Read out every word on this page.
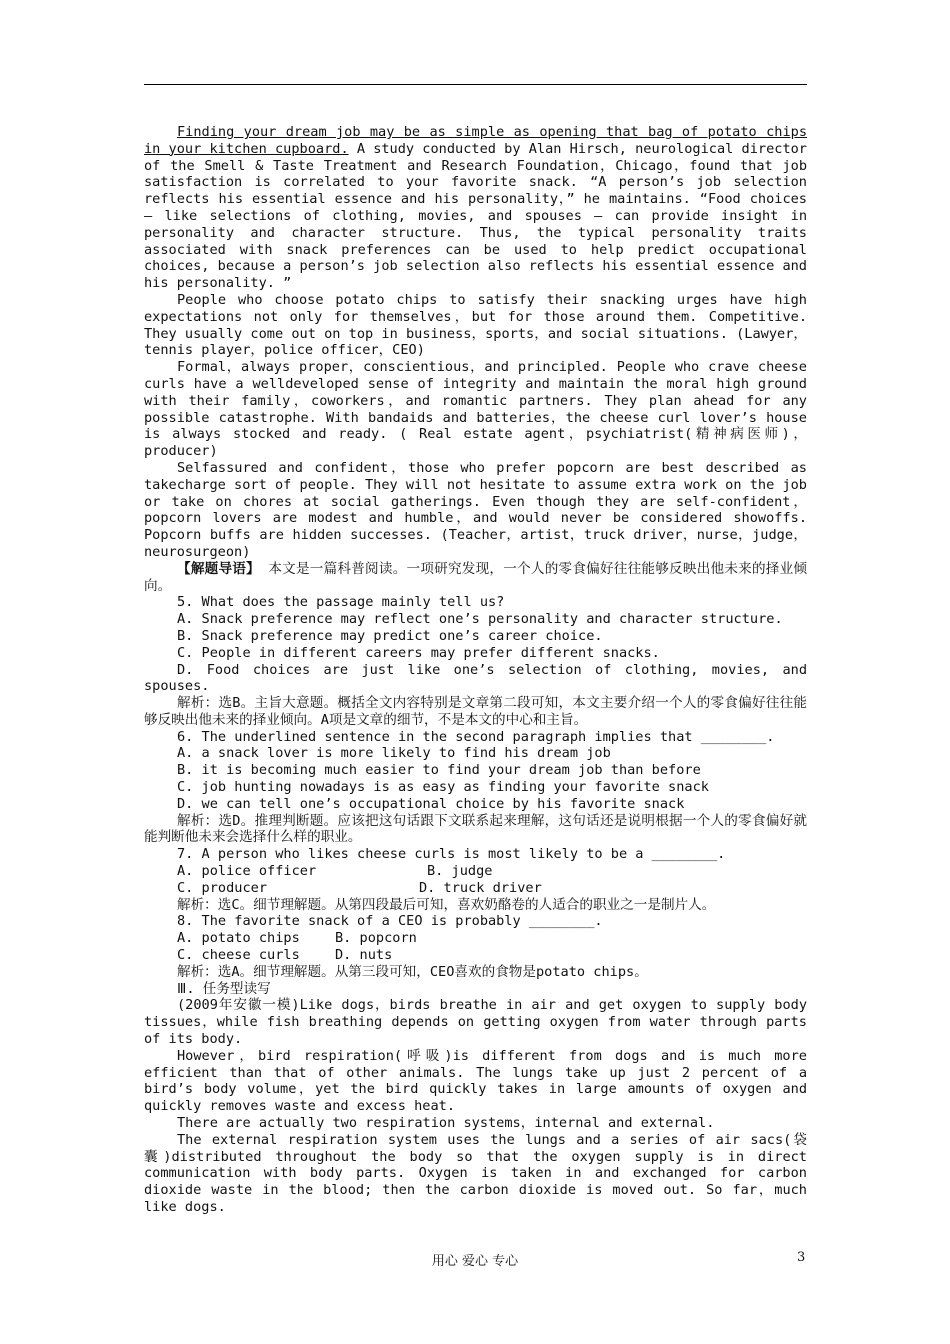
Finding your dream job may be as simple as opening that bag of potato chips in your kitchen cupboard. A study conducted by Alan Hirsch, neurological director of the Smell & Taste Treatment and Research Foundation，Chicago，found that job satisfaction is correlated to your favorite snack. “A person’s job selection reflects his essential essence and his personality，” he maintains. “Food choices — like selections of clothing, movies, and spouses — can provide insight in personality and character structure. Thus, the typical personality traits associated with snack preferences can be used to help predict occupational choices, because a person’s job selection also reflects his essential essence and his personality. ”

People who choose potato chips to satisfy their snacking urges have high expectations not only for themselves，but for those around them. Competitive. They usually come out on top in business，sports，and social situations. (Lawyer，tennis player，police officer，CEO)

Formal，always proper，conscientious，and principled. People who crave cheese curls have a welldeveloped sense of integrity and maintain the moral high ground with their family，coworkers，and romantic partners. They plan ahead for any possible catastrophe. With bandaids and batteries，the cheese curl lover’s house is always stocked and ready. ( Real estate agent，psychiatrist(精神病医师)，producer)

Selfassured and confident，those who prefer popcorn are best described as takecharge sort of people. They will not hesitate to assume extra work on the job or take on chores at social gatherings. Even though they are self-confident，popcorn lovers are modest and humble，and would never be considered showoffs. Popcorn buffs are hidden successes. (Teacher，artist，truck driver，nurse，judge，neurosurgeon)

【解题导语】 本文是一篇科普阅读。一项研究发现，一个人的零食偏好往往能够反映出他未来的择业倾向。

5. What does the passage mainly tell us?

A. Snack preference may reflect one’s personality and character structure.

B. Snack preference may predict one’s career choice.

C. People in different careers may prefer different snacks.

D. Food choices are just like one’s selection of clothing, movies, and spouses.

解析：选B。主旨大意题。概括全文内容特别是文章第二段可知，本文主要介绍一个人的零食偏好往往能够反映出他未来的择业倾向。A项是文章的细节，不是本文的中心和主旨。

6. The underlined sentence in the second paragraph implies that ________.

A. a snack lover is more likely to find his dream job

B. it is becoming much easier to find your dream job than before

C. job hunting nowadays is as easy as finding your favorite snack

D. we can tell one’s occupational choice by his favorite snack

解析：选D。推理判断题。应该把这句话跟下文联系起来理解，这句话还是说明根据一个人的零食偏好就能判断他未来会选择什么样的职业。

7. A person who likes cheese curls is most likely to be a ________.

A. police officer	B. judge

C. producer	D. truck driver

解析：选C。细节理解题。从第四段最后可知，喜欢奶酪卷的人适合的职业之一是制片人。

8. The favorite snack of a CEO is probably ________.

A. potato chips	B. popcorn

C. cheese curls	D. nuts

解析：选A。细节理解题。从第三段可知，CEO喜欢的食物是potato chips。

Ⅲ. 任务型读写

(2009年安徽一模)Like dogs，birds breathe in air and get oxygen to supply body tissues，while fish breathing depends on getting oxygen from water through parts of its body.

However，bird respiration(呼吸)is different from dogs and is much more efficient than that of other animals. The lungs take up just 2 percent of a bird’s body volume，yet the bird quickly takes in large amounts of oxygen and quickly removes waste and excess heat.

There are actually two respiration systems，internal and external.

The external respiration system uses the lungs and a series of air sacs(袋囊)distributed throughout the body so that the oxygen supply is in direct communication with body parts. Oxygen is taken in and exchanged for carbon dioxide waste in the blood; then the carbon dioxide is moved out. So far，much like dogs.

用心 爱心 专心	3
